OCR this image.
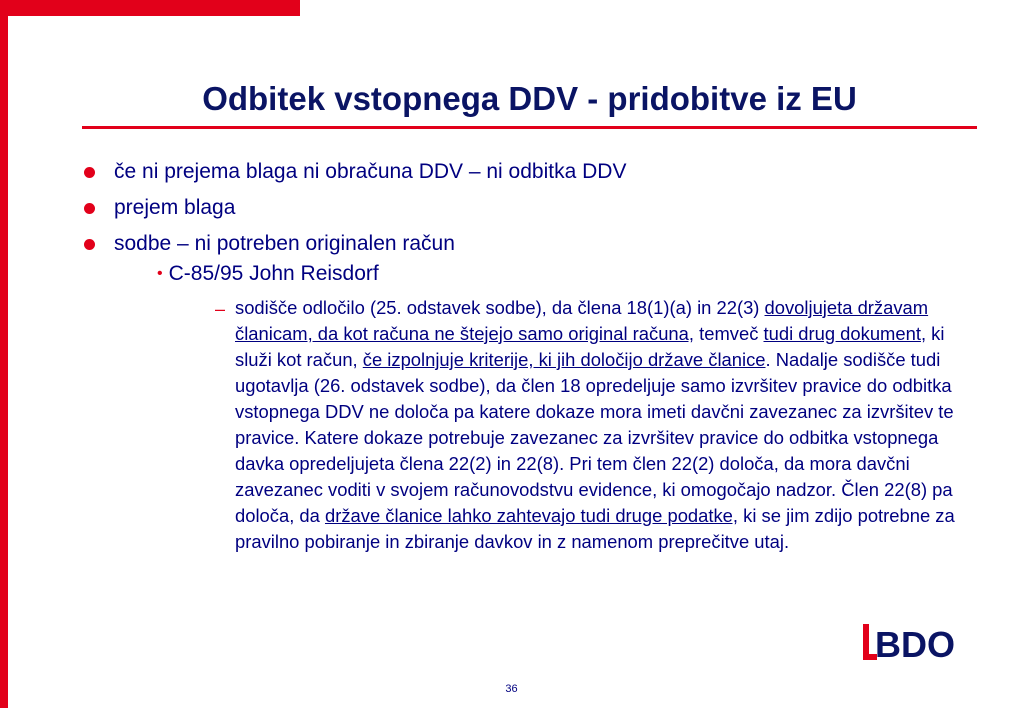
Odbitek vstopnega DDV - pridobitve iz EU
če ni prejema blaga ni obračuna DDV – ni odbitka DDV
prejem blaga
sodbe – ni potreben originalen račun
• C-85/95 John Reisdorf
– sodišče odločilo (25. odstavek sodbe), da člena 18(1)(a) in 22(3) dovoljujeta državam članicam, da kot računa ne štejejo samo original računa, temveč tudi drug dokument, ki služi kot račun, če izpolnjuje kriterije, ki jih določijo države članice. Nadalje sodišče tudi ugotavlja (26. odstavek sodbe), da člen 18 opredeljuje samo izvršitev pravice do odbitka vstopnega DDV ne določa pa katere dokaze mora imeti davčni zavezanec za izvršitev te pravice. Katere dokaze potrebuje zavezanec za izvršitev pravice do odbitka vstopnega davka opredeljujeta člena 22(2) in 22(8). Pri tem člen 22(2) določa, da mora davčni zavezanec voditi v svojem računovodstvu evidence, ki omogočajo nadzor. Člen 22(8) pa določa, da države članice lahko zahtevajo tudi druge podatke, ki se jim zdijo potrebne za pravilno pobiranje in zbiranje davkov in z namenom preprečitve utaj.

BDO
36
